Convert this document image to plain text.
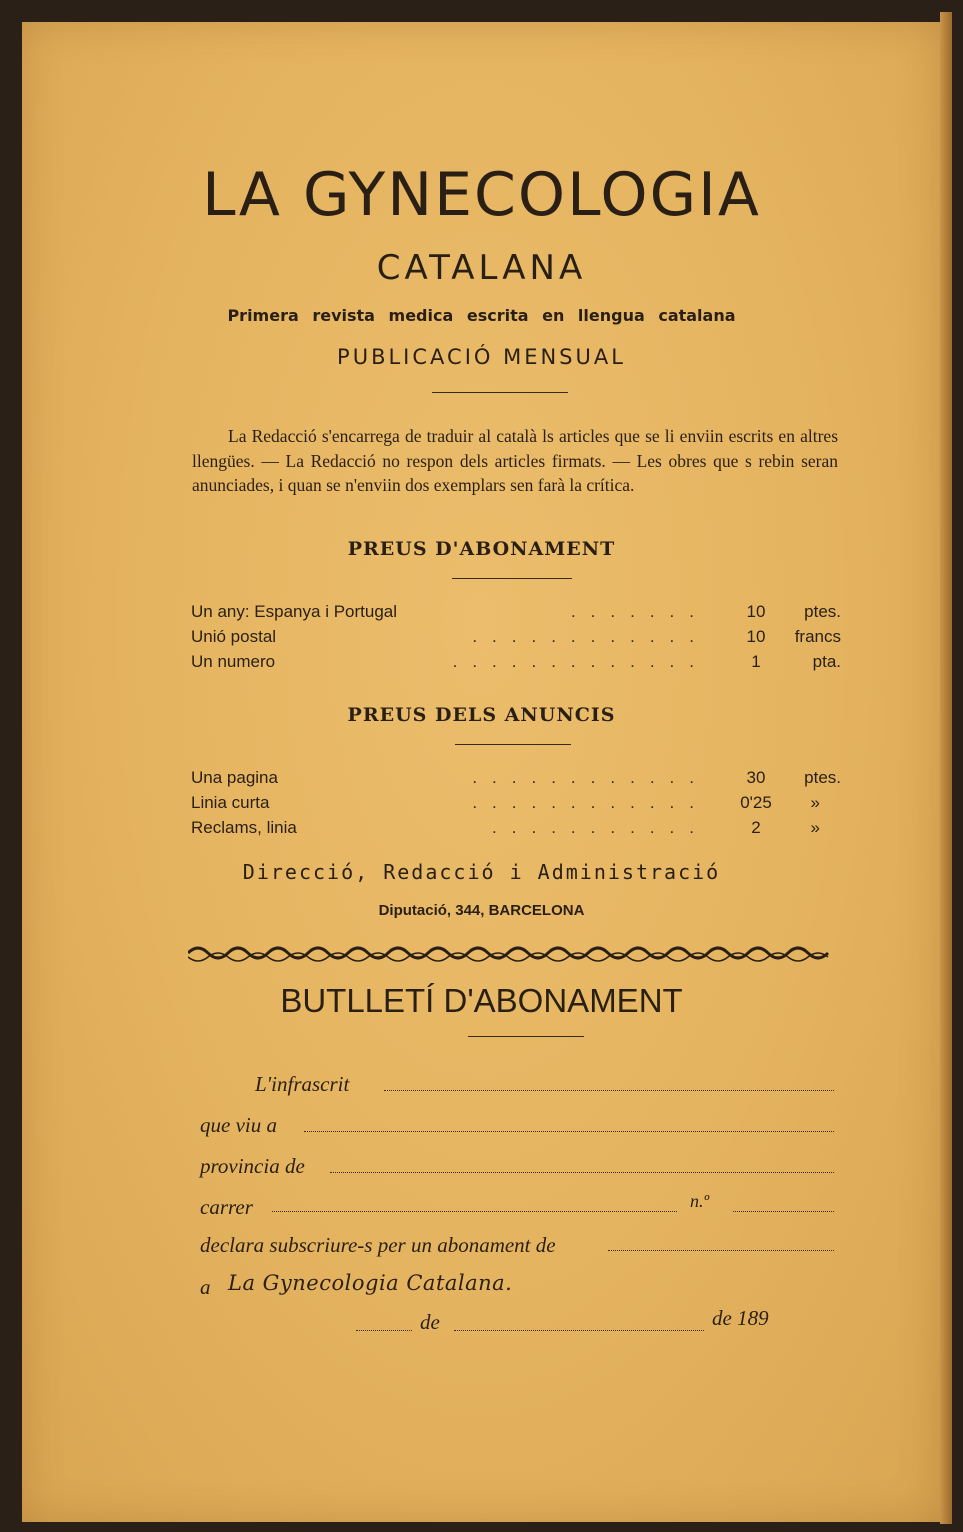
LA GYNECOLOGIA
CATALANA
Primera revista medica escrita en llengua catalana
PUBLICACIÓ MENSUAL
La Redacció s'encarrega de traduir al català ls articles que se li enviin escrits en altres llengües. — La Redacció no respon dels articles firmats. — Les obres que s rebin seran anunciades, i quan se n'enviin dos exemplars sen farà la crítica.
PREUS D'ABONAMENT
Un any: Espanya i Portugal	.......	10	ptes.
Unió postal	............	10	francs
Un numero	.............	1	pta.
PREUS DELS ANUNCIS
Una pagina	............	30	ptes.
Linia curta	............	0'25	»
Reclams, linia	...........	2	»
Direcció, Redacció i Administració
Diputació, 344, BARCELONA
BUTLLETÍ D'ABONAMENT
L'infrascrit
que viu a
provincia de
carrer	n.º
declara subscriure-s per un abonament de
a La Gynecologia Catalana.
de	de 189
